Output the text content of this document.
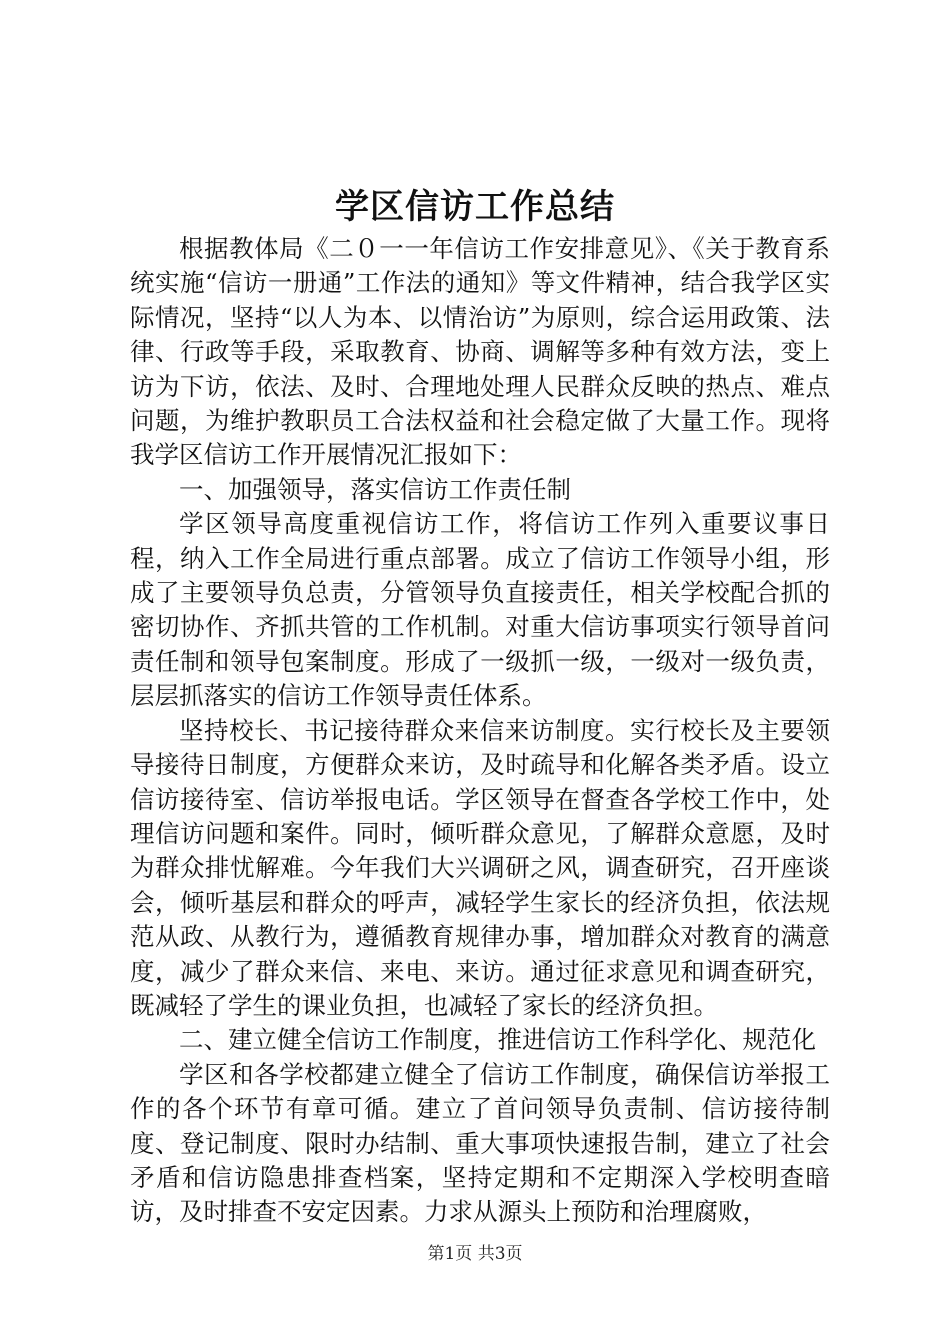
学区信访工作总结

根据教体局《二０一一年信访工作安排意见》、《关于教育系统实施“信访一册通”工作法的通知》等文件精神，结合我学区实际情况，坚持“以人为本、以情治访”为原则，综合运用政策、法律、行政等手段，采取教育、协商、调解等多种有效方法，变上访为下访，依法、及时、合理地处理人民群众反映的热点、难点问题，为维护教职员工合法权益和社会稳定做了大量工作。现将我学区信访工作开展情况汇报如下：

一、加强领导，落实信访工作责任制

学区领导高度重视信访工作，将信访工作列入重要议事日程，纳入工作全局进行重点部署。成立了信访工作领导小组，形成了主要领导负总责，分管领导负直接责任，相关学校配合抓的密切协作、齐抓共管的工作机制。对重大信访事项实行领导首问责任制和领导包案制度。形成了一级抓一级，一级对一级负责，层层抓落实的信访工作领导责任体系。

坚持校长、书记接待群众来信来访制度。实行校长及主要领导接待日制度，方便群众来访，及时疏导和化解各类矛盾。设立信访接待室、信访举报电话。学区领导在督查各学校工作中，处理信访问题和案件。同时，倾听群众意见，了解群众意愿，及时为群众排忧解难。今年我们大兴调研之风，调查研究，召开座谈会，倾听基层和群众的呼声，减轻学生家长的经济负担，依法规范从政、从教行为，遵循教育规律办事，增加群众对教育的满意度，减少了群众来信、来电、来访。通过征求意见和调查研究，既减轻了学生的课业负担，也减轻了家长的经济负担。

二、建立健全信访工作制度，推进信访工作科学化、规范化

学区和各学校都建立健全了信访工作制度，确保信访举报工作的各个环节有章可循。建立了首问领导负责制、信访接待制度、登记制度、限时办结制、重大事项快速报告制，建立了社会矛盾和信访隐患排查档案，坚持定期和不定期深入学校明查暗访，及时排查不安定因素。力求从源头上预防和治理腐败，

第1页 共3页
